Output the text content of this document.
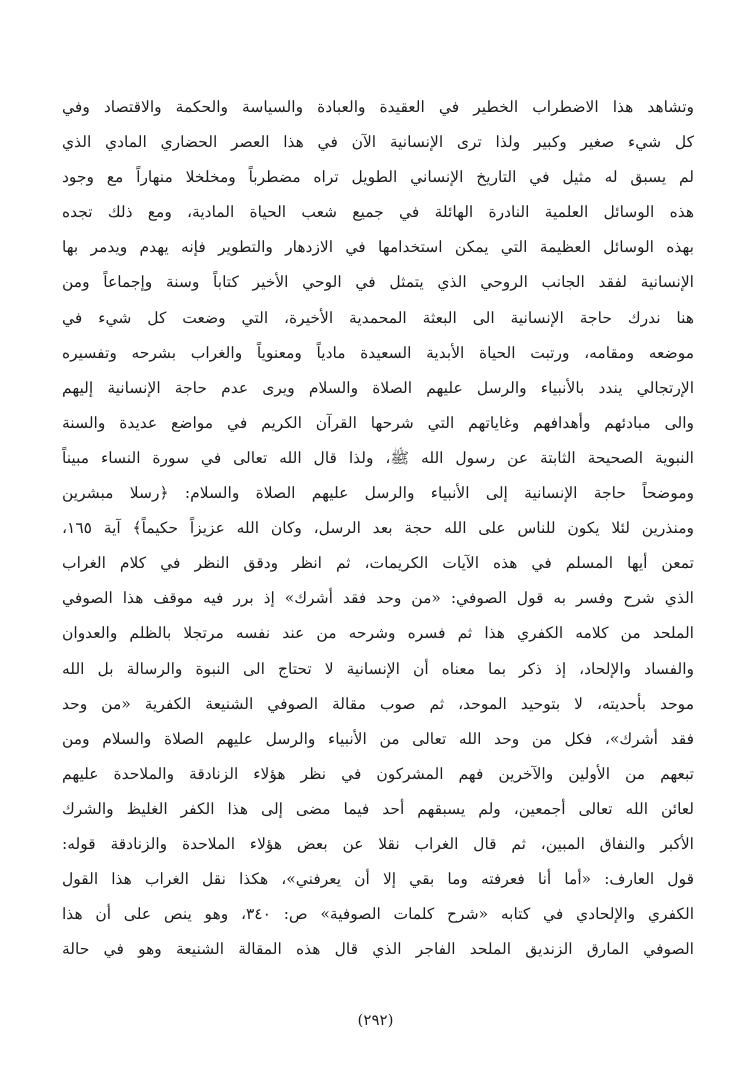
وتشاهد هذا الاضطراب الخطير في العقيدة والعبادة والسياسة والحكمة والاقتصاد وفي
كل شيء صغير وكبير ولذا ترى الإنسانية الآن في هذا العصر الحضاري المادي الذي
لم يسبق له مثيل في التاريخ الإنساني الطويل تراه مضطرباً ومخلخلا منهاراً مع وجود
هذه الوسائل العلمية النادرة الهائلة في جميع شعب الحياة المادية، ومع ذلك تجده
بهذه الوسائل العظيمة التي يمكن استخدامها في الازدهار والتطوير فإنه يهدم ويدمر بها
الإنسانية لفقد الجانب الروحي الذي يتمثل في الوحي الأخير كتاباً وسنة وإجماعاً ومن
هنا ندرك حاجة الإنسانية الى البعثة المحمدية الأخيرة، التي وضعت كل شيء في
موضعه ومقامه، ورتبت الحياة الأبدية السعيدة مادياً ومعنوياً والغراب بشرحه وتفسيره
الإرتجالي يندد بالأنبياء والرسل عليهم الصلاة والسلام ويرى عدم حاجة الإنسانية إليهم
والى مبادئهم وأهدافهم وغاياتهم التي شرحها القرآن الكريم في مواضع عديدة والسنة
النبوية الصحيحة الثابتة عن رسول الله ﷺ، ولذا قال الله تعالى في سورة النساء مبيناً
وموضحاً حاجة الإنسانية إلى الأنبياء والرسل عليهم الصلاة والسلام: ﴿رسلا مبشرين
ومنذرين لئلا يكون للناس على الله حجة بعد الرسل، وكان الله عزيزاً حكيماً﴾ آية ١٦٥،
تمعن أيها المسلم في هذه الآيات الكريمات، ثم انظر ودقق النظر في كلام الغراب
الذي شرح وفسر به قول الصوفي: «من وحد فقد أشرك» إذ برر فيه موقف هذا الصوفي
الملحد من كلامه الكفري هذا ثم فسره وشرحه من عند نفسه مرتجلا بالظلم والعدوان
والفساد والإلحاد، إذ ذكر بما معناه أن الإنسانية لا تحتاج الى النبوة والرسالة بل الله
موحد بأحديته، لا بتوحيد الموحد، ثم صوب مقالة الصوفي الشنيعة الكفرية «من وحد
فقد أشرك»، فكل من وحد الله تعالى من الأنبياء والرسل عليهم الصلاة والسلام ومن
تبعهم من الأولين والآخرين فهم المشركون في نظر هؤلاء الزنادقة والملاحدة عليهم
لعائن الله تعالى أجمعين، ولم يسبقهم أحد فيما مضى إلى هذا الكفر الغليظ والشرك
الأكبر والنفاق المبين، ثم قال الغراب نقلا عن بعض هؤلاء الملاحدة والزنادقة قوله:
قول العارف: «أما أنا فعرفته وما بقي إلا أن يعرفني»، هكذا نقل الغراب هذا القول
الكفري والإلحادي في كتابه «شرح كلمات الصوفية» ص: ٣٤٠، وهو ينص على أن هذا
الصوفي المارق الزنديق الملحد الفاجر الذي قال هذه المقالة الشنيعة وهو في حالة
(٢٩٢)
